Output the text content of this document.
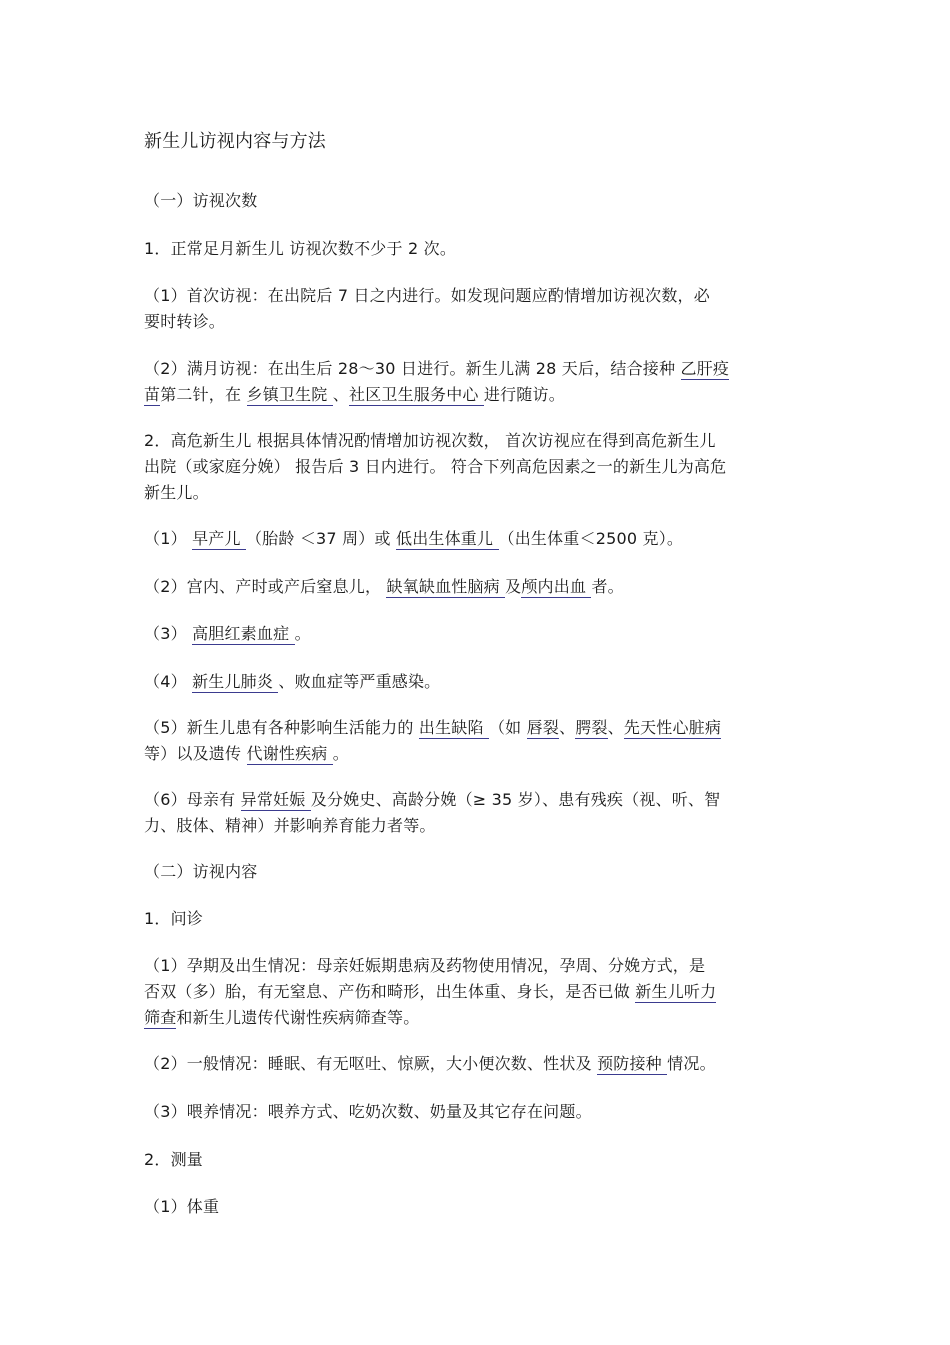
新生儿访视内容与方法
（一）访视次数
1．正常足月新生儿 访视次数不少于 2 次。
（1）首次访视：在出院后 7 日之内进行。如发现问题应酌情增加访视次数，必
要时转诊。
（2）满月访视：在出生后 28～30 日进行。新生儿满 28 天后，结合接种 乙肝疫
苗第二针，在 乡镇卫生院 、社区卫生服务中心 进行随访。
2．高危新生儿 根据具体情况酌情增加访视次数， 首次访视应在得到高危新生儿
出院（或家庭分娩） 报告后 3 日内进行。 符合下列高危因素之一的新生儿为高危
新生儿。
（1） 早产儿 （胎龄 ＜37 周）或 低出生体重儿 （出生体重＜2500 克）。
（2）宫内、产时或产后窒息儿， 缺氧缺血性脑病 及颅内出血 者。
（3） 高胆红素血症 。
（4） 新生儿肺炎 、败血症等严重感染。
（5）新生儿患有各种影响生活能力的 出生缺陷 （如 唇裂、腭裂、先天性心脏病
等）以及遗传 代谢性疾病 。
（6）母亲有 异常妊娠 及分娩史、高龄分娩（≥ 35 岁）、患有残疾（视、听、智
力、肢体、精神）并影响养育能力者等。
（二）访视内容
1．问诊
（1）孕期及出生情况：母亲妊娠期患病及药物使用情况，孕周、分娩方式，是
否双（多）胎，有无窒息、产伤和畸形，出生体重、身长，是否已做 新生儿听力
筛查和新生儿遗传代谢性疾病筛查等。
（2）一般情况：睡眠、有无呕吐、惊厥，大小便次数、性状及 预防接种 情况。
（3）喂养情况：喂养方式、吃奶次数、奶量及其它存在问题。
2．测量
（1）体重
